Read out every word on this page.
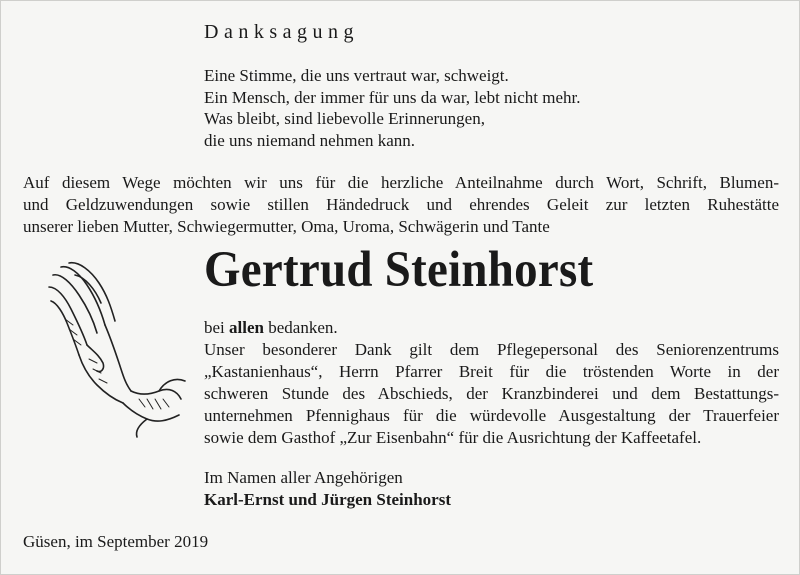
Danksagung
Eine Stimme, die uns vertraut war, schweigt.
Ein Mensch, der immer für uns da war, lebt nicht mehr.
Was bleibt, sind liebevolle Erinnerungen,
die uns niemand nehmen kann.
Auf diesem Wege möchten wir uns für die herzliche Anteilnahme durch Wort, Schrift, Blumen-
und Geldzuwendungen sowie stillen Händedruck und ehrendes Geleit zur letzten Ruhestätte
unserer lieben Mutter, Schwiegermutter, Oma, Uroma, Schwägerin und Tante
Gertrud Steinhorst
bei allen bedanken.
Unser besonderer Dank gilt dem Pflegepersonal des Seniorenzentrums
„Kastanienhaus“, Herrn Pfarrer Breit für die tröstenden Worte in der
schweren Stunde des Abschieds, der Kranzbinderei und dem Bestattungs-
unternehmen Pfennighaus für die würdevolle Ausgestaltung der Trauerfeier
sowie dem Gasthof „Zur Eisenbahn“ für die Ausrichtung der Kaffeetafel.
Im Namen aller Angehörigen
Karl-Ernst und Jürgen Steinhorst
Güsen, im September 2019
